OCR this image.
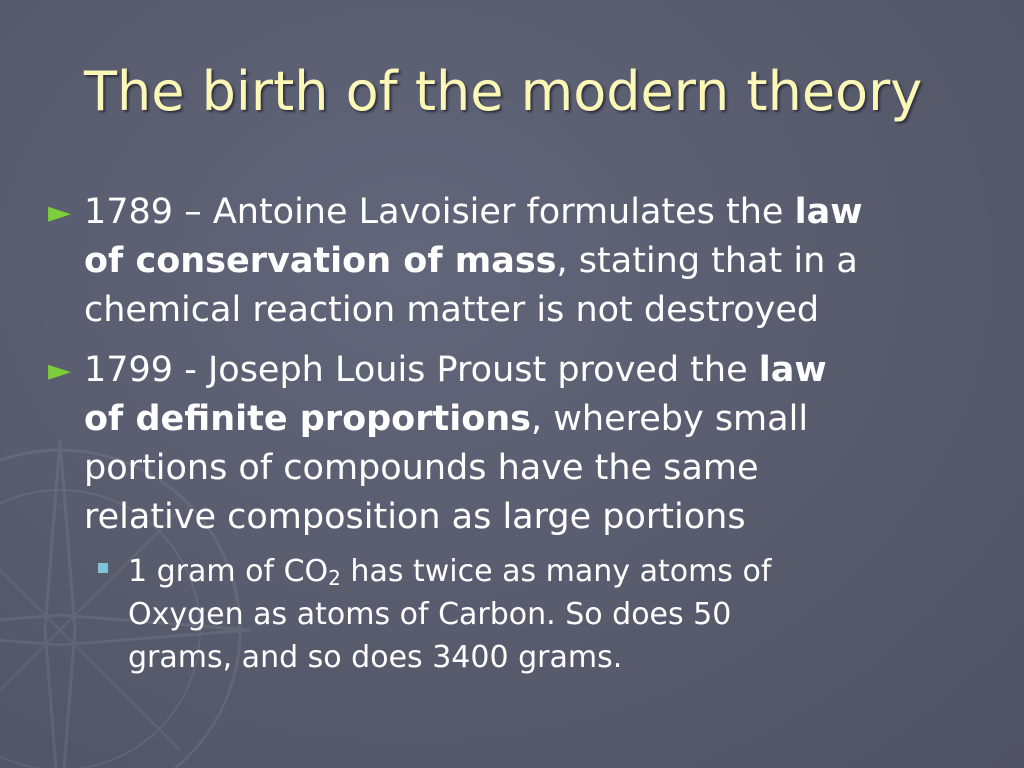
The birth of the modern theory
► 1789 – Antoine Lavoisier formulates the law
of conservation of mass, stating that in a
chemical reaction matter is not destroyed
► 1799 - Joseph Louis Proust proved the law
of definite proportions, whereby small
portions of compounds have the same
relative composition as large portions
1 gram of $CO_2$ has twice as many atoms of
Oxygen as atoms of Carbon. So does 50
grams, and so does 3400 grams.
